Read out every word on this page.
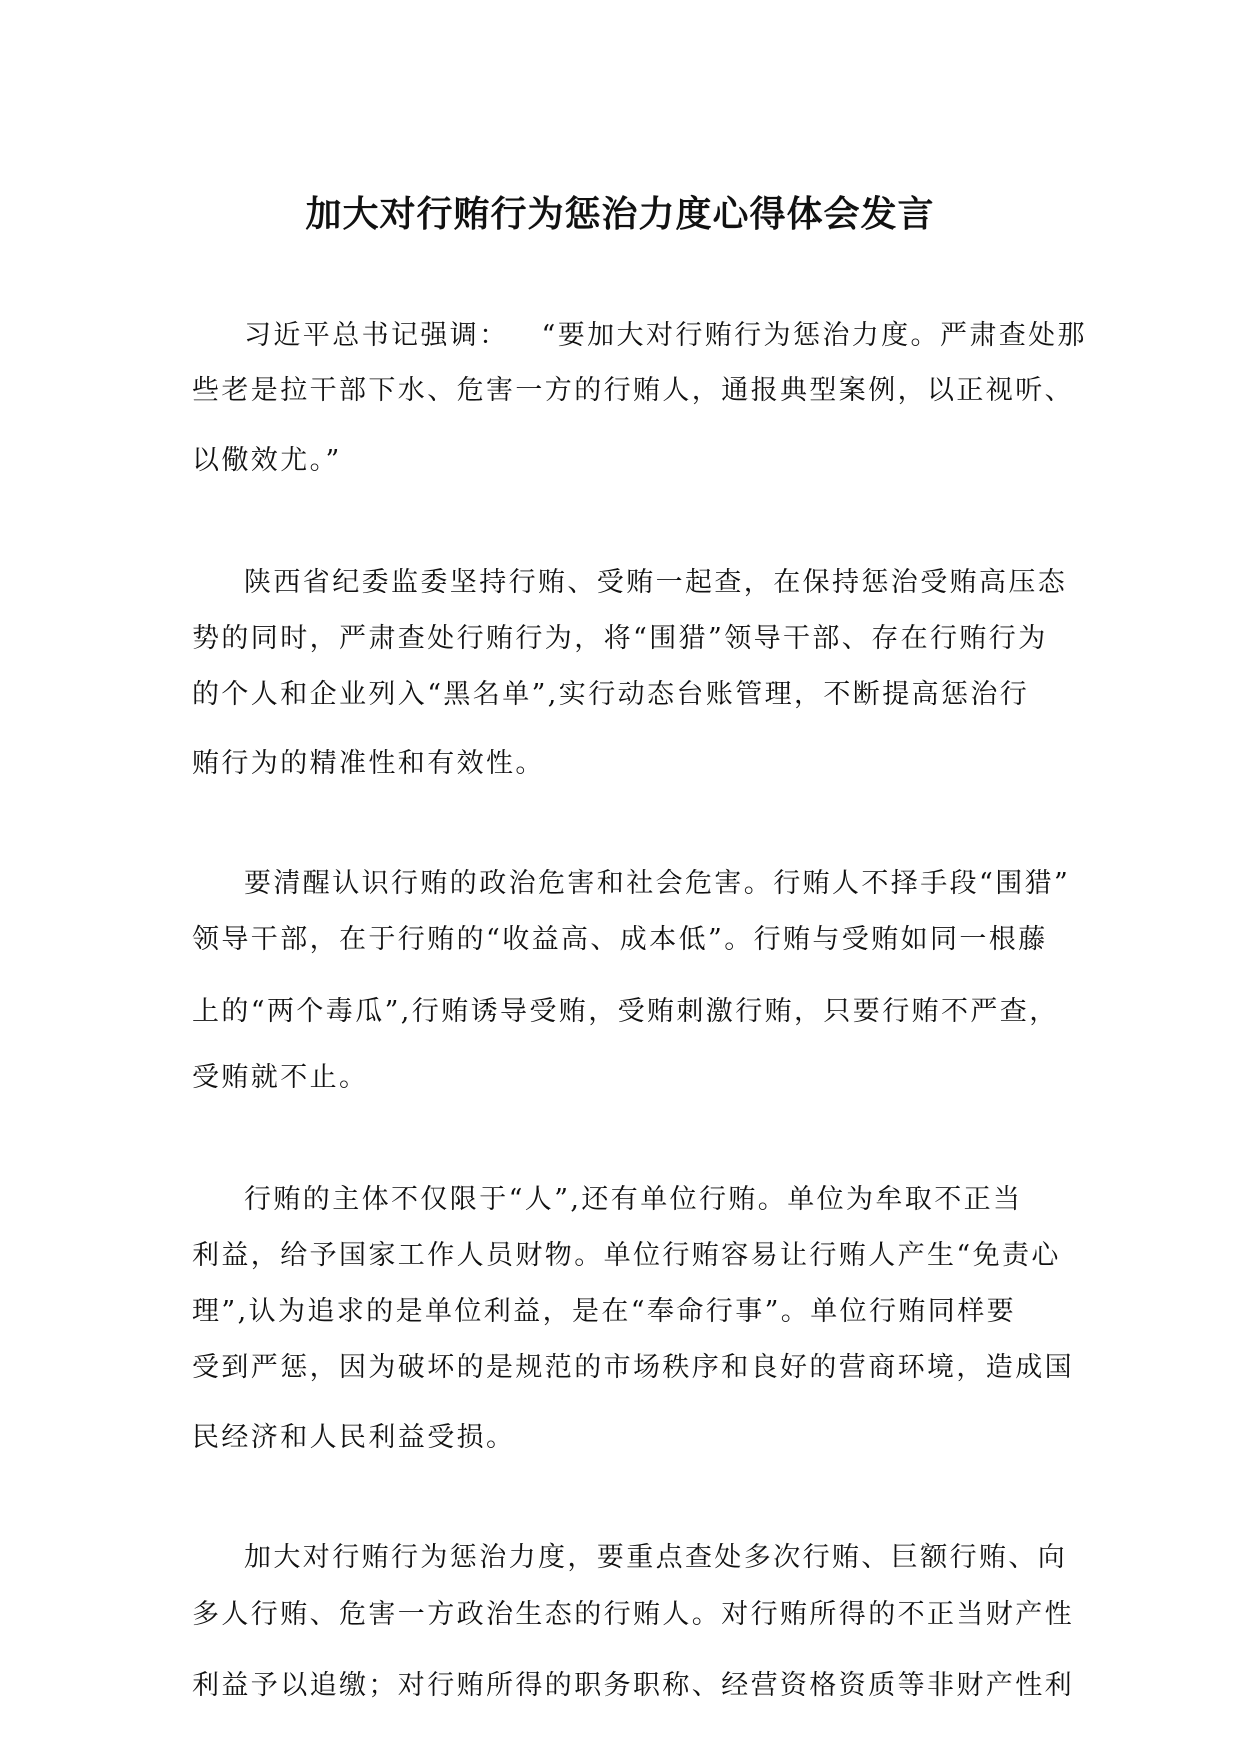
加大对行贿行为惩治力度心得体会发言
习近平总书记强调：   “要加大对行贿行为惩治力度。严肃查处那
些老是拉干部下水、危害一方的行贿人，通报典型案例，以正视听、
以儆效尤。”
陕西省纪委监委坚持行贿、受贿一起查，在保持惩治受贿高压态
势的同时，严肃查处行贿行为，将“围猎”领导干部、存在行贿行为
的个人和企业列入“黑名单”,实行动态台账管理，不断提高惩治行
贿行为的精准性和有效性。
要清醒认识行贿的政治危害和社会危害。行贿人不择手段“围猎”
领导干部，在于行贿的“收益高、成本低”。行贿与受贿如同一根藤
上的“两个毒瓜”,行贿诱导受贿，受贿刺激行贿，只要行贿不严查，
受贿就不止。
行贿的主体不仅限于“人”,还有单位行贿。单位为牟取不正当
利益，给予国家工作人员财物。单位行贿容易让行贿人产生“免责心
理”,认为追求的是单位利益，是在“奉命行事”。单位行贿同样要
受到严惩，因为破坏的是规范的市场秩序和良好的营商环境，造成国
民经济和人民利益受损。
加大对行贿行为惩治力度，要重点查处多次行贿、巨额行贿、向
多人行贿、危害一方政治生态的行贿人。对行贿所得的不正当财产性
利益予以追缴；对行贿所得的职务职称、经营资格资质等非财产性利
